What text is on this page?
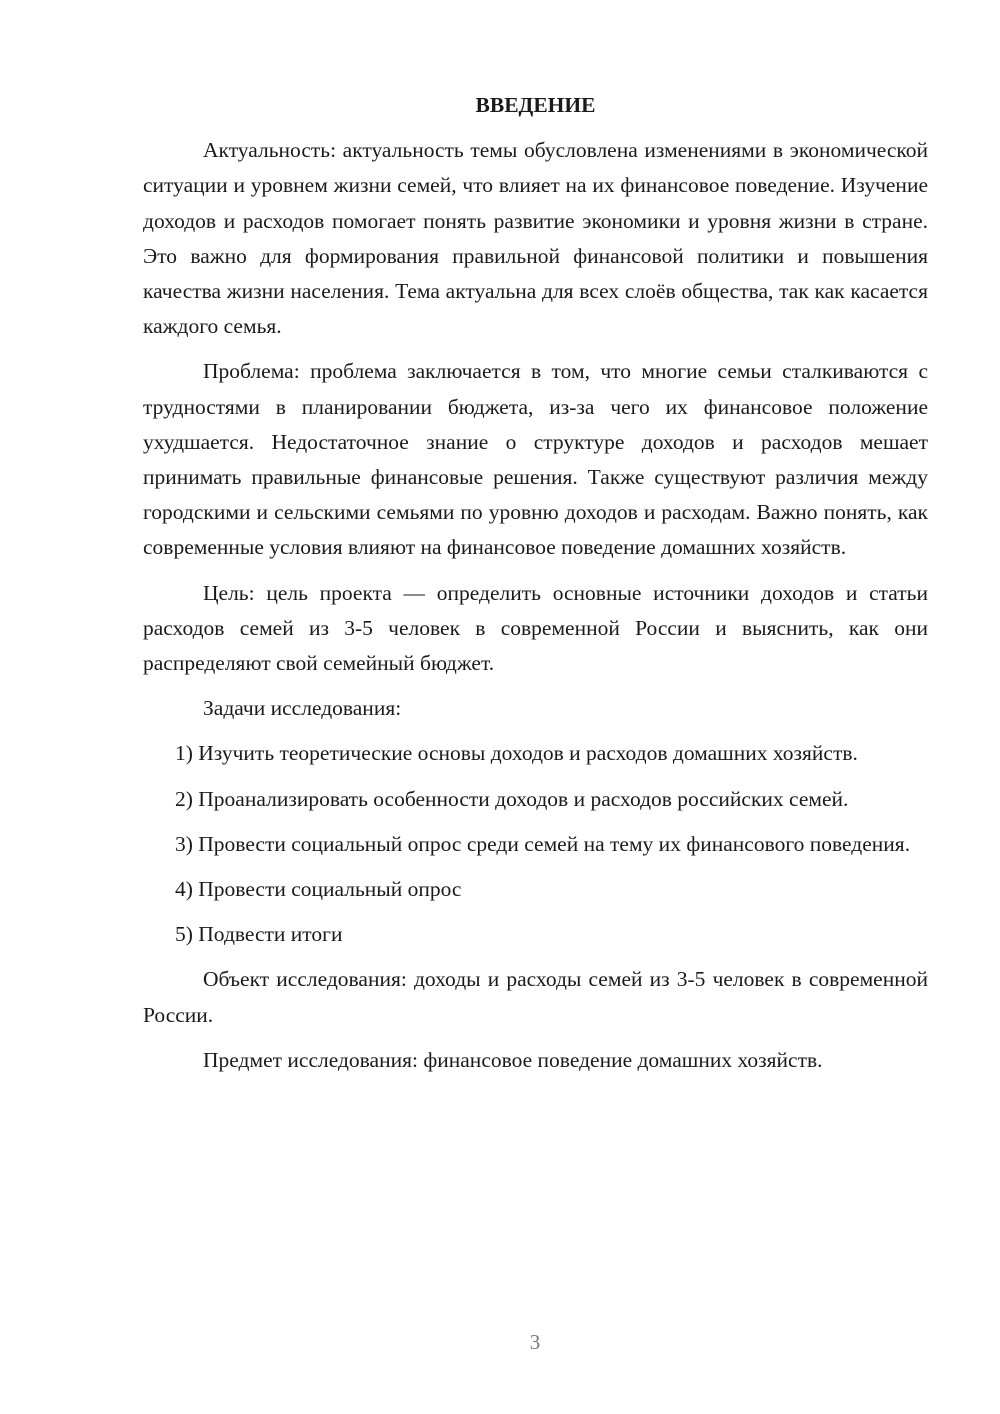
ВВЕДЕНИЕ

Актуальность: актуальность темы обусловлена изменениями в экономической ситуации и уровнем жизни семей, что влияет на их финансовое поведение. Изучение доходов и расходов помогает понять развитие экономики и уровня жизни в стране. Это важно для формирования правильной финансовой политики и повышения качества жизни населения. Тема актуальна для всех слоёв общества, так как касается каждого семья.

Проблема: проблема заключается в том, что многие семьи сталкиваются с трудностями в планировании бюджета, из-за чего их финансовое положение ухудшается. Недостаточное знание о структуре доходов и расходов мешает принимать правильные финансовые решения. Также существуют различия между городскими и сельскими семьями по уровню доходов и расходам. Важно понять, как современные условия влияют на финансовое поведение домашних хозяйств.

Цель: цель проекта — определить основные источники доходов и статьи расходов семей из 3-5 человек в современной России и выяснить, как они распределяют свой семейный бюджет.

Задачи исследования:

1) Изучить теоретические основы доходов и расходов домашних хозяйств.

2) Проанализировать особенности доходов и расходов российских семей.

3) Провести социальный опрос среди семей на тему их финансового поведения.

4) Провести социальный опрос

5) Подвести итоги

Объект исследования: доходы и расходы семей из 3-5 человек в современной России.

Предмет исследования: финансовое поведение домашних хозяйств.

3
